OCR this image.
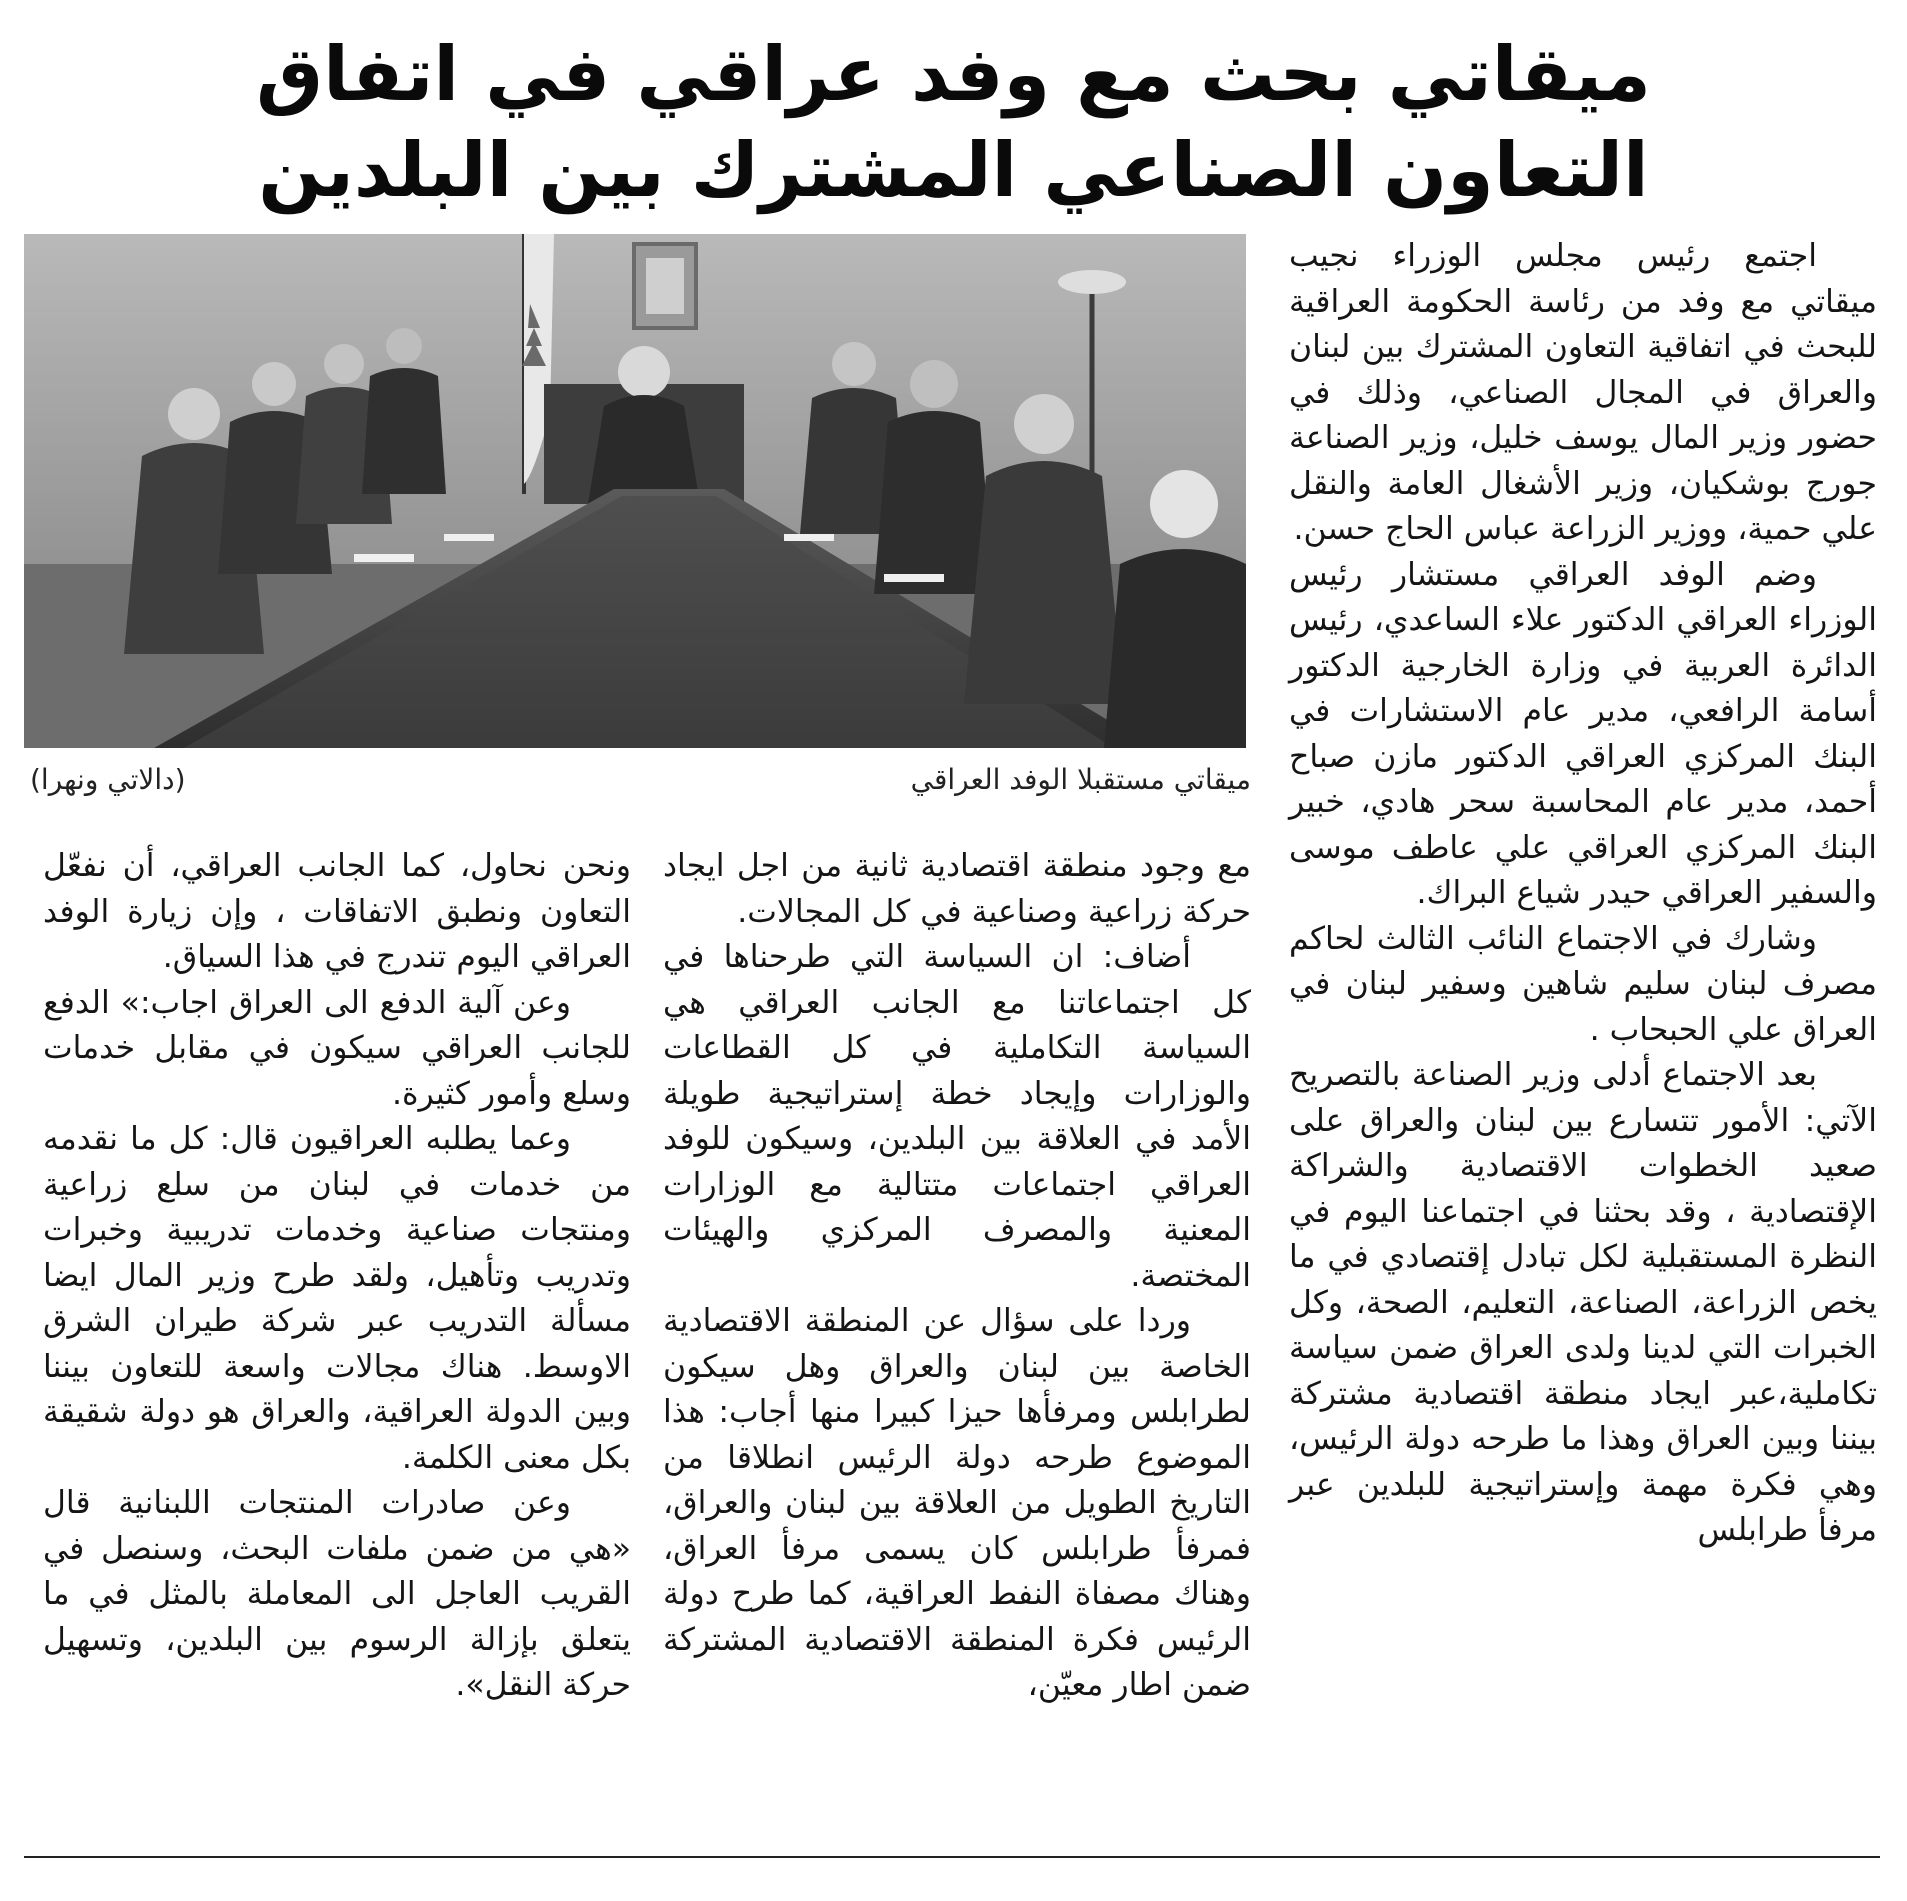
ميقاتي بحث مع وفد عراقي في اتفاق
التعاون الصناعي المشترك بين البلدين

اجتمع رئيس مجلس الوزراء نجيب ميقاتي مع وفد من رئاسة الحكومة العراقية للبحث في اتفاقية التعاون المشترك بين لبنان والعراق في المجال الصناعي، وذلك في حضور وزير المال يوسف خليل، وزير الصناعة جورج بوشكيان، وزير الأشغال العامة والنقل علي حمية، ووزير الزراعة عباس الحاج حسن.

وضم الوفد العراقي مستشار رئيس الوزراء العراقي الدكتور علاء الساعدي، رئيس الدائرة العربية في وزارة الخارجية الدكتور أسامة الرافعي، مدير عام الاستشارات في البنك المركزي العراقي الدكتور مازن صباح أحمد، مدير عام المحاسبة سحر هادي، خبير البنك المركزي العراقي علي عاطف موسى والسفير العراقي حيدر شياع البراك.

وشارك في الاجتماع النائب الثالث لحاكم مصرف لبنان سليم شاهين وسفير لبنان في العراق علي الحبحاب .

بعد الاجتماع أدلى وزير الصناعة بالتصريح الآتي: الأمور تتسارع بين لبنان والعراق على صعيد الخطوات الاقتصادية والشراكة الإقتصادية ، وقد بحثنا في اجتماعنا اليوم في النظرة المستقبلية لكل تبادل إقتصادي في ما يخص الزراعة، الصناعة، التعليم، الصحة، وكل الخبرات التي لدينا ولدى العراق ضمن سياسة تكاملية،عبر ايجاد منطقة اقتصادية مشتركة بيننا وبين العراق وهذا ما طرحه دولة الرئيس، وهي فكرة مهمة وإستراتيجية للبلدين عبر مرفأ طرابلس

ميقاتي مستقبلا الوفد العراقي
(دالاتي ونهرا)

مع وجود منطقة اقتصادية ثانية من اجل ايجاد حركة زراعية وصناعية في كل المجالات.

أضاف: ان السياسة التي طرحناها في كل اجتماعاتنا مع الجانب العراقي هي السياسة التكاملية في كل القطاعات والوزارات وإيجاد خطة إستراتيجية طويلة الأمد في العلاقة بين البلدين، وسيكون للوفد العراقي اجتماعات متتالية مع الوزارات المعنية والمصرف المركزي والهيئات المختصة.

وردا على سؤال عن المنطقة الاقتصادية الخاصة بين لبنان والعراق وهل سيكون لطرابلس ومرفأها حيزا كبيرا منها أجاب: هذا الموضوع طرحه دولة الرئيس انطلاقا من التاريخ الطويل من العلاقة بين لبنان والعراق، فمرفأ طرابلس كان يسمى مرفأ العراق، وهناك مصفاة النفط العراقية، كما طرح دولة الرئيس فكرة المنطقة الاقتصادية المشتركة ضمن اطار معيّن،

ونحن نحاول، كما الجانب العراقي، أن نفعّل التعاون ونطبق الاتفاقات ، وإن زيارة الوفد العراقي اليوم تندرج في هذا السياق.

وعن آلية الدفع الى العراق اجاب:» الدفع للجانب العراقي سيكون في مقابل خدمات وسلع وأمور كثيرة.

وعما يطلبه العراقيون قال: كل ما نقدمه من خدمات في لبنان من سلع زراعية ومنتجات صناعية وخدمات تدريبية وخبرات وتدريب وتأهيل، ولقد طرح وزير المال ايضا مسألة التدريب عبر شركة طيران الشرق الاوسط. هناك مجالات واسعة للتعاون بيننا وبين الدولة العراقية، والعراق هو دولة شقيقة بكل معنى الكلمة.

وعن صادرات المنتجات اللبنانية قال «هي من ضمن ملفات البحث، وسنصل في القريب العاجل الى المعاملة بالمثل في ما يتعلق بإزالة الرسوم بين البلدين، وتسهيل حركة النقل».
